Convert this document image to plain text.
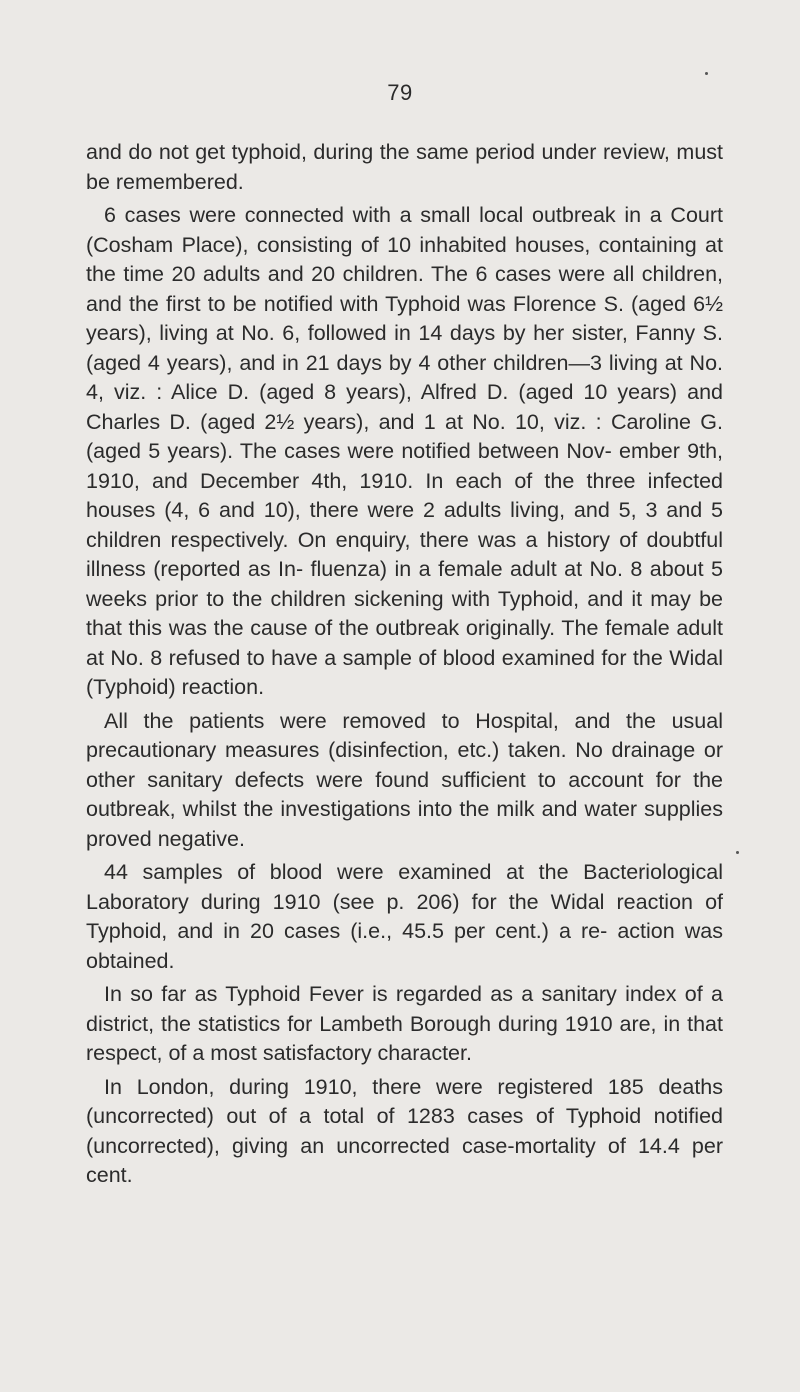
79

and do not get typhoid, during the same period under review, must be remembered.

6 cases were connected with a small local outbreak in a Court (Cosham Place), consisting of 10 inhabited houses, containing at the time 20 adults and 20 children. The 6 cases were all children, and the first to be notified with Typhoid was Florence S. (aged 6½ years), living at No. 6, followed in 14 days by her sister, Fanny S. (aged 4 years), and in 21 days by 4 other children—3 living at No. 4, viz. : Alice D. (aged 8 years), Alfred D. (aged 10 years) and Charles D. (aged 2½ years), and 1 at No. 10, viz. : Caroline G. (aged 5 years). The cases were notified between Nov- ember 9th, 1910, and December 4th, 1910. In each of the three infected houses (4, 6 and 10), there were 2 adults living, and 5, 3 and 5 children respectively. On enquiry, there was a history of doubtful illness (reported as In- fluenza) in a female adult at No. 8 about 5 weeks prior to the children sickening with Typhoid, and it may be that this was the cause of the outbreak originally. The female adult at No. 8 refused to have a sample of blood examined for the Widal (Typhoid) reaction.

All the patients were removed to Hospital, and the usual precautionary measures (disinfection, etc.) taken. No drainage or other sanitary defects were found sufficient to account for the outbreak, whilst the investigations into the milk and water supplies proved negative.

44 samples of blood were examined at the Bacteriological Laboratory during 1910 (see p. 206) for the Widal reaction of Typhoid, and in 20 cases (i.e., 45.5 per cent.) a re- action was obtained.

In so far as Typhoid Fever is regarded as a sanitary index of a district, the statistics for Lambeth Borough during 1910 are, in that respect, of a most satisfactory character.

In London, during 1910, there were registered 185 deaths (uncorrected) out of a total of 1283 cases of Typhoid notified (uncorrected), giving an uncorrected case-mortality of 14.4 per cent.
